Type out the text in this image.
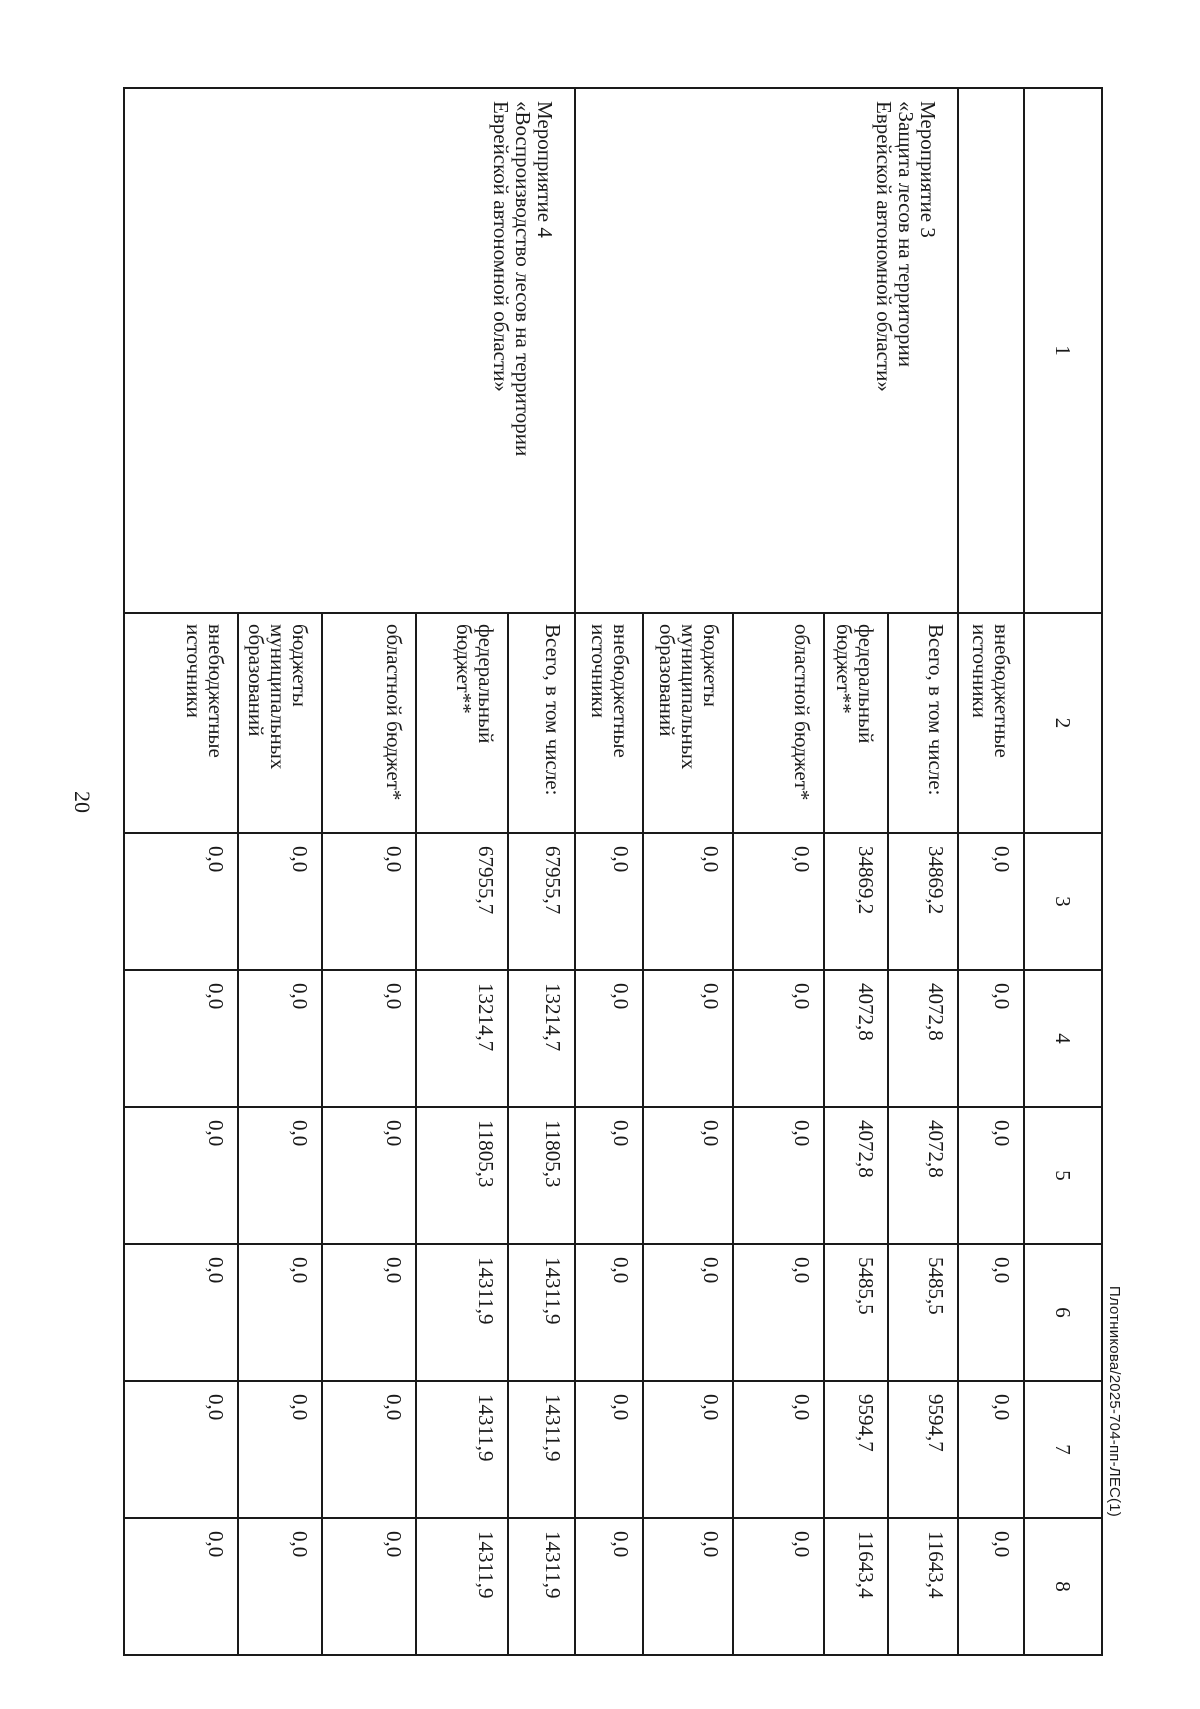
Плотникова/2025-704-пп-ЛЕС(1)
1	2	3	4	5	6	7	8
	внебюджетные источники	0,0	0,0	0,0	0,0	0,0	0,0

Мероприятие 3
«Защита лесов на территории
Еврейской автономной области»	Всего, в том числе:	34869,2	4072,8	4072,8	5485,5	9594,7	11643,4
	федеральный бюджет**	34869,2	4072,8	4072,8	5485,5	9594,7	11643,4
	областной бюджет*	0,0	0,0	0,0	0,0	0,0	0,0
	бюджеты муниципальных образований	0,0	0,0	0,0	0,0	0,0	0,0
	внебюджетные источники	0,0	0,0	0,0	0,0	0,0	0,0

Мероприятие 4
«Воспроизводство лесов на территории
Еврейской автономной области»	Всего, в том числе:	67955,7	13214,7	11805,3	14311,9	14311,9	14311,9
	федеральный бюджет**	67955,7	13214,7	11805,3	14311,9	14311,9	14311,9
	областной бюджет*	0,0	0,0	0,0	0,0	0,0	0,0
	бюджеты муниципальных образований	0,0	0,0	0,0	0,0	0,0	0,0
	внебюджетные источники	0,0	0,0	0,0	0,0	0,0	0,0
20
